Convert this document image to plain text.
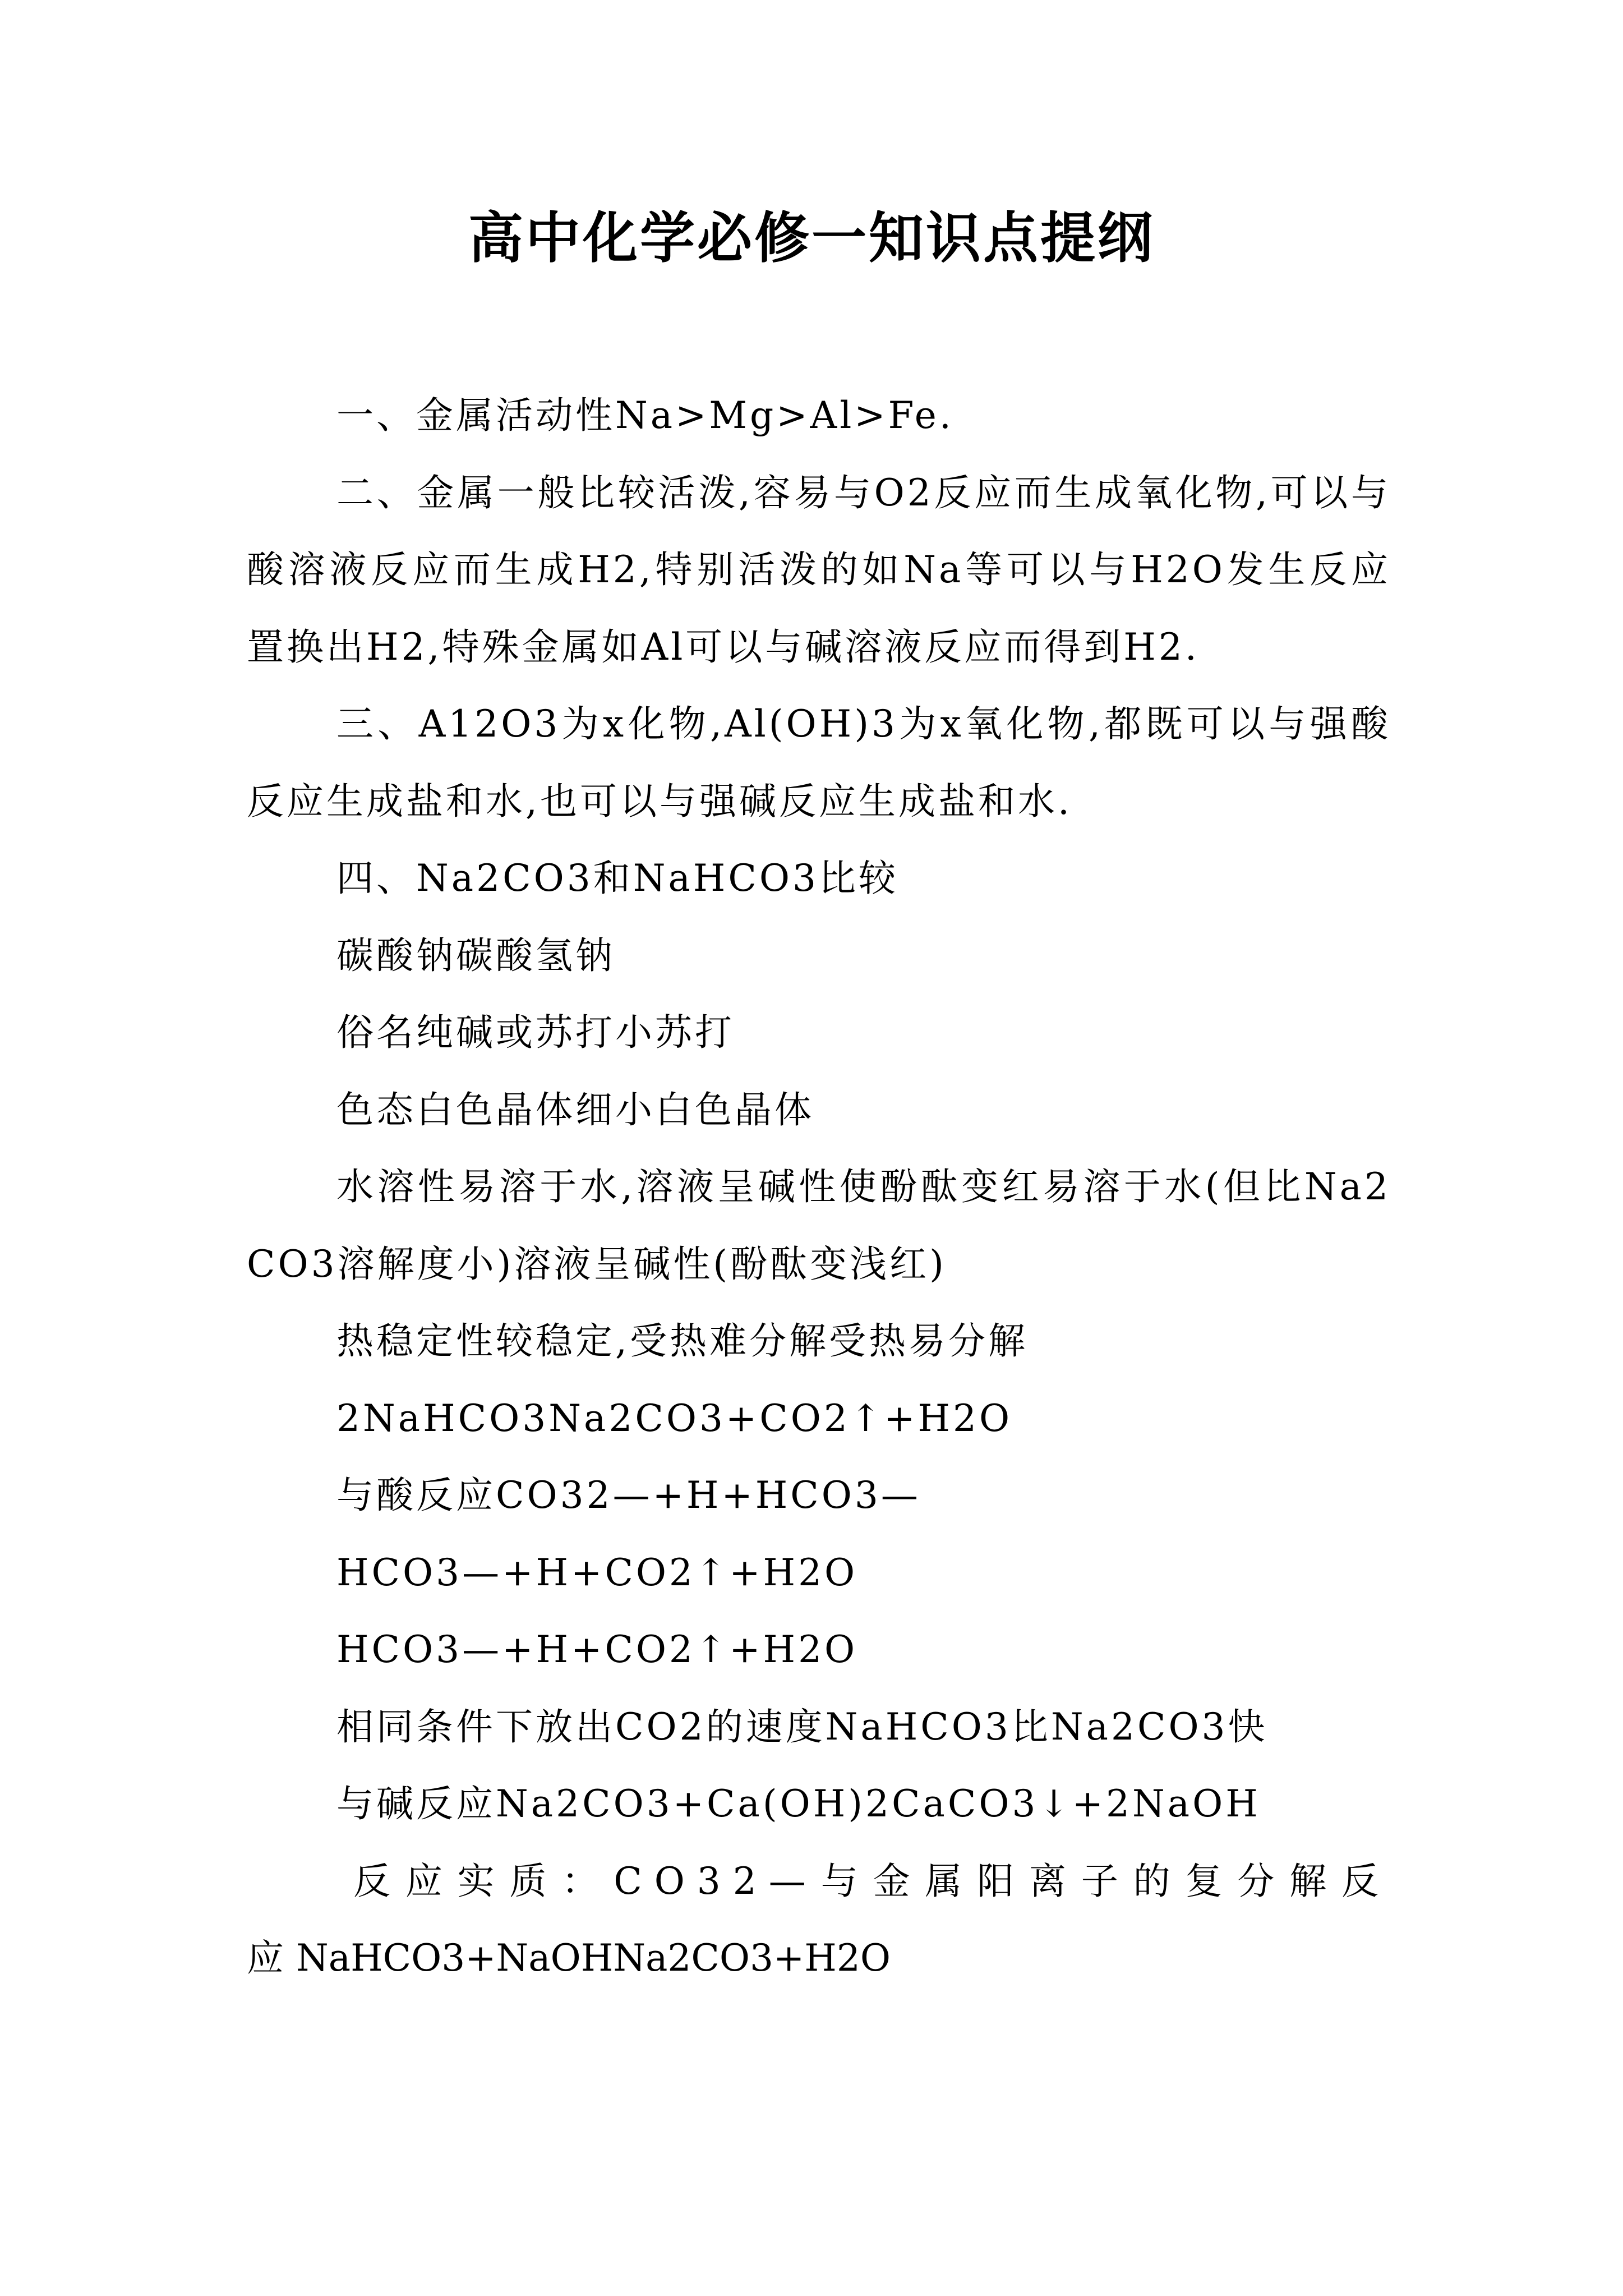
高中化学必修一知识点提纲

一、金属活动性Na>Mg>Al>Fe.

二、金属一般比较活泼,容易与O2反应而生成氧化物,可以与酸溶液反应而生成H2,特别活泼的如Na等可以与H2O发生反应置换出H2,特殊金属如Al可以与碱溶液反应而得到H2.

三、A12O3为x化物,Al(OH)3为x氧化物,都既可以与强酸反应生成盐和水,也可以与强碱反应生成盐和水.

四、Na2CO3和NaHCO3比较

碳酸钠碳酸氢钠

俗名纯碱或苏打小苏打

色态白色晶体细小白色晶体

水溶性易溶于水,溶液呈碱性使酚酞变红易溶于水(但比Na2CO3溶解度小)溶液呈碱性(酚酞变浅红)

热稳定性较稳定,受热难分解受热易分解

2NaHCO3Na2CO3+CO2↑+H2O

与酸反应CO32—+H+HCO3—

HCO3—+H+CO2↑+H2O

HCO3—+H+CO2↑+H2O

相同条件下放出CO2的速度NaHCO3比Na2CO3快

与碱反应Na2CO3+Ca(OH)2CaCO3↓+2NaOH

反应实质：CO32—与金属阳离子的复分解反应NaHCO3+NaOHNa2CO3+H2O
